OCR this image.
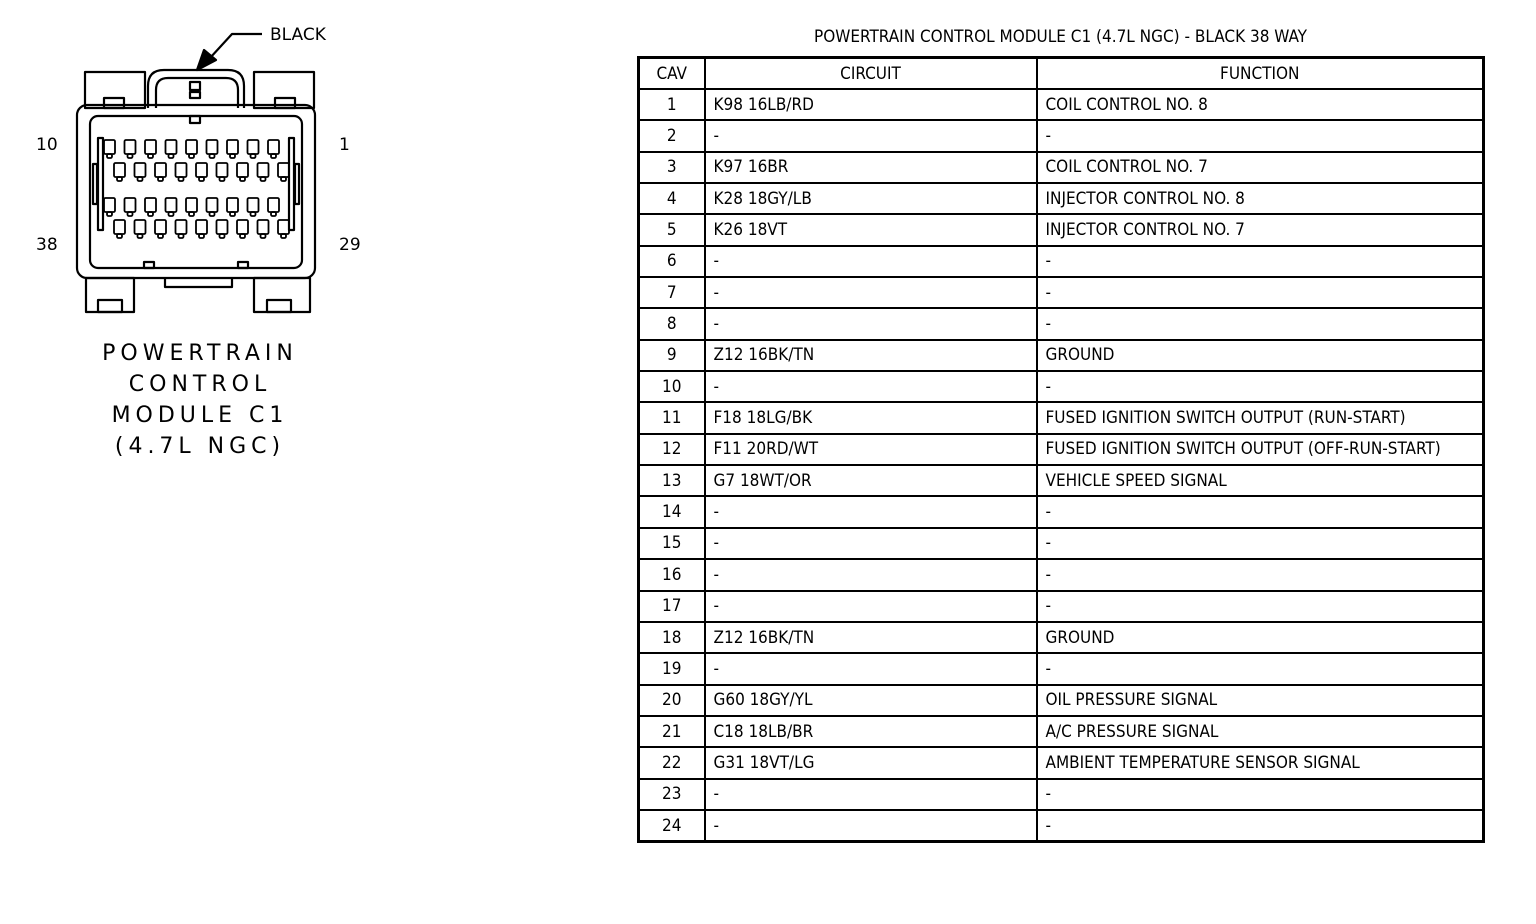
BLACK
10	1
38	29
POWERTRAIN
CONTROL
MODULE C1
(4.7L NGC)
POWERTRAIN CONTROL MODULE C1 (4.7L NGC) - BLACK 38 WAY
CAV	CIRCUIT	FUNCTION
1	K98 16LB/RD	COIL CONTROL NO. 8
2	-	-
3	K97 16BR	COIL CONTROL NO. 7
4	K28 18GY/LB	INJECTOR CONTROL NO. 8
5	K26 18VT	INJECTOR CONTROL NO. 7
6	-	-
7	-	-
8	-	-
9	Z12 16BK/TN	GROUND
10	-	-
11	F18 18LG/BK	FUSED IGNITION SWITCH OUTPUT (RUN-START)
12	F11 20RD/WT	FUSED IGNITION SWITCH OUTPUT (OFF-RUN-START)
13	G7 18WT/OR	VEHICLE SPEED SIGNAL
14	-	-
15	-	-
16	-	-
17	-	-
18	Z12 16BK/TN	GROUND
19	-	-
20	G60 18GY/YL	OIL PRESSURE SIGNAL
21	C18 18LB/BR	A/C PRESSURE SIGNAL
22	G31 18VT/LG	AMBIENT TEMPERATURE SENSOR SIGNAL
23	-	-
24	-	-
